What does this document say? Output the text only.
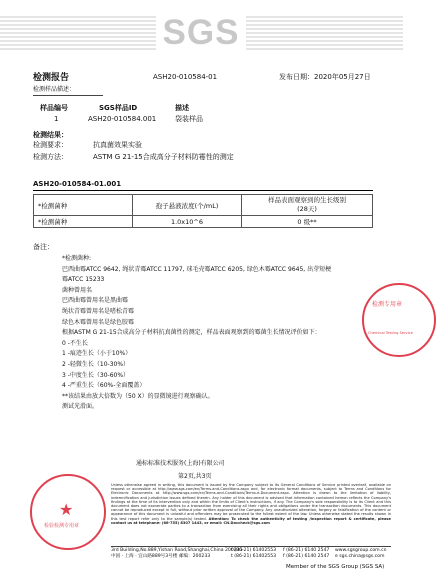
SGS
检测报告	ASH20-010584-01	发布日期：2020年05月27日
检测样品描述：
样品编号	SGS样品ID	描述
1	ASH20-010584.001	袋装样品
检测结果：
检测要求：	抗真菌效果实验
检测方法：	ASTM G 21-15合成高分子材料防霉性的测定
ASH20-010584-01.001
*检测菌种	孢子悬液浓度(个/mL)	样品表面观察到的生长级别
(28天)
*检测菌种	1.0x10^6	0 级**
备注：
*检测菌种:
巴西曲霉ATCC 9642, 绳状青霉ATCC 11797, 球毛壳霉ATCC 6205, 绿色木霉ATCC 9645, 出芽短梗
霉ATCC 15233
菌种曾用名
巴西曲霉曾用名是黑曲霉
绳状青霉曾用名是嗜松青霉
绿色木霉曾用名是绿色胶霉
根据ASTM G 21-15合成高分子材料抗真菌性的测定，样品表面观察到的霉菌生长情况评价如下：
0 -不生长
1 -痕迹生长（小于10%）
2 -轻微生长（10-30%）
3 -中度生长（30-60%）
4 -严重生长（60%-全面覆盖）
**该结果由放大倍数为（50 X）的显微镜进行观察确认。
测试光滑面。
检测专用章
Chemical Testing Service
通标标准技术服务(上海)有限公司
第2页,共3页
★
检验检测专用章
Unless otherwise agreed in writing, this document is issued by the Company subject to its General Conditions of Service printed overleaf, available on request or accessible at http://www.sgs.com/en/Terms-and-Conditions.aspx and, for electronic format documents, subject to Terms and Conditions for Electronic Documents at http://www.sgs.com/en/Terms-and-Conditions/Terms-e-Document.aspx. Attention is drawn to the limitation of liability, indemnification and jurisdiction issues defined therein. Any holder of this document is advised that information contained hereon reflects the Company's findings at the time of its intervention only and within the limits of Client's instructions, if any. The Company's sole responsibility is to its Client and this document does not exonerate parties to a transaction from exercising all their rights and obligations under the transaction documents. This document cannot be reproduced except in full, without prior written approval of the Company. Any unauthorized alteration, forgery or falsification of the content or appearance of this document is unlawful and offenders may be prosecuted to the fullest extent of the law. Unless otherwise stated the results shown in this test report refer only to the sample(s) tested. Attention: To check the authenticity of testing /inspection report & certificate, please contact us at telephone: (86-755) 8307 1443, or email: CN.Doccheck@sgs.com
3rd Building,No.889,Yishan Road,Shanghai,China 200233
t (86-21) 61402553 f (86-21) 6140 2547 www.sgsgroup.com.cn
中国 · 上海 · 宜山路889号3号楼 邮编：200233	t (86-21) 61402553 f (86-21) 6140 2547 e sgs.china@sgs.com
Member of the SGS Group (SGS SA)
